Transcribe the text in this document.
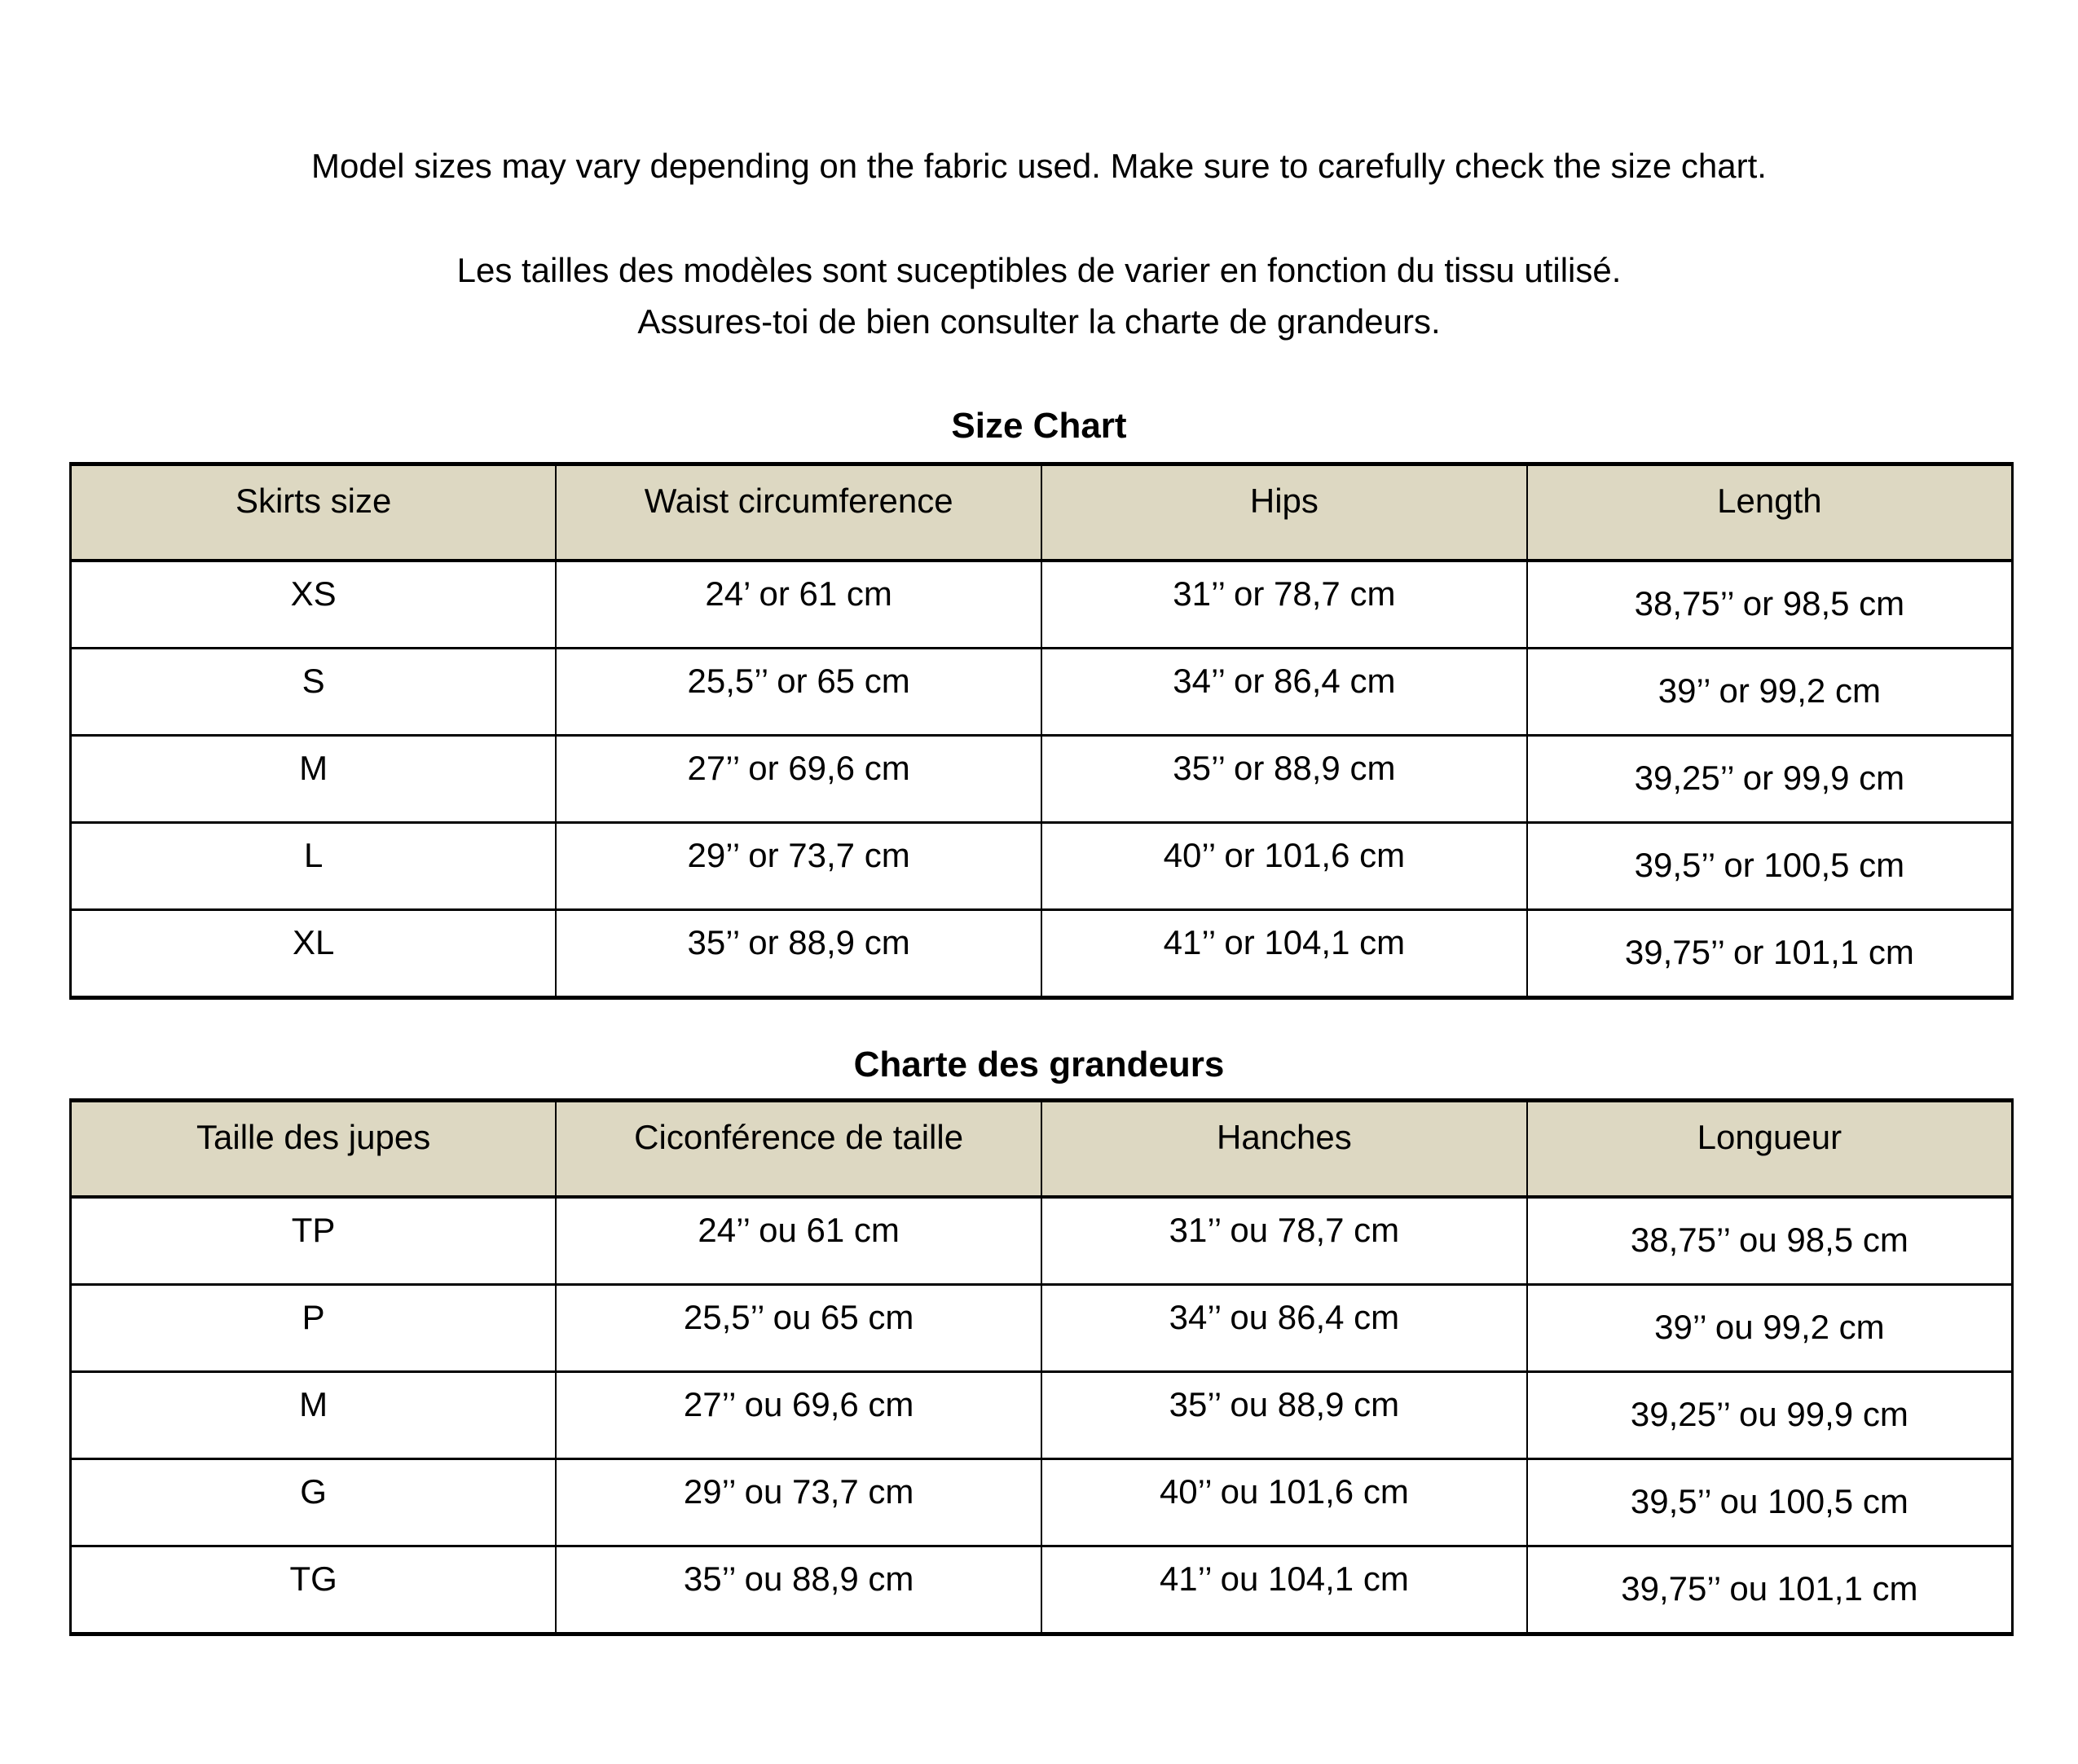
Model sizes may vary depending on the fabric used. Make sure to carefully check the size chart.
Les tailles des modèles sont suceptibles de varier en fonction du tissu utilisé.
Assures-toi de bien consulter la charte de grandeurs.
Size Chart
Skirts size	Waist circumference	Hips	Length
XS	24’ or 61 cm	31’’ or 78,7 cm	38,75’’ or 98,5 cm
S	25,5’’ or 65 cm	34’’ or 86,4 cm	39’’ or 99,2 cm
M	27’’ or 69,6 cm	35’’ or 88,9 cm	39,25’’ or 99,9 cm
L	29’’ or 73,7 cm	40’’ or 101,6 cm	39,5’’ or 100,5 cm
XL	35’’ or 88,9 cm	41’’ or 104,1 cm	39,75’’ or 101,1 cm
Charte des grandeurs
Taille des jupes	Ciconférence de taille	Hanches	Longueur
TP	24’’ ou 61 cm	31’’ ou 78,7 cm	38,75’’ ou 98,5 cm
P	25,5’’ ou 65 cm	34’’ ou 86,4 cm	39’’ ou 99,2 cm
M	27’’ ou 69,6 cm	35’’ ou 88,9 cm	39,25’’ ou 99,9 cm
G	29’’ ou 73,7 cm	40’’ ou 101,6 cm	39,5’’ ou 100,5 cm
TG	35’’ ou 88,9 cm	41’’ ou 104,1 cm	39,75’’ ou 101,1 cm
